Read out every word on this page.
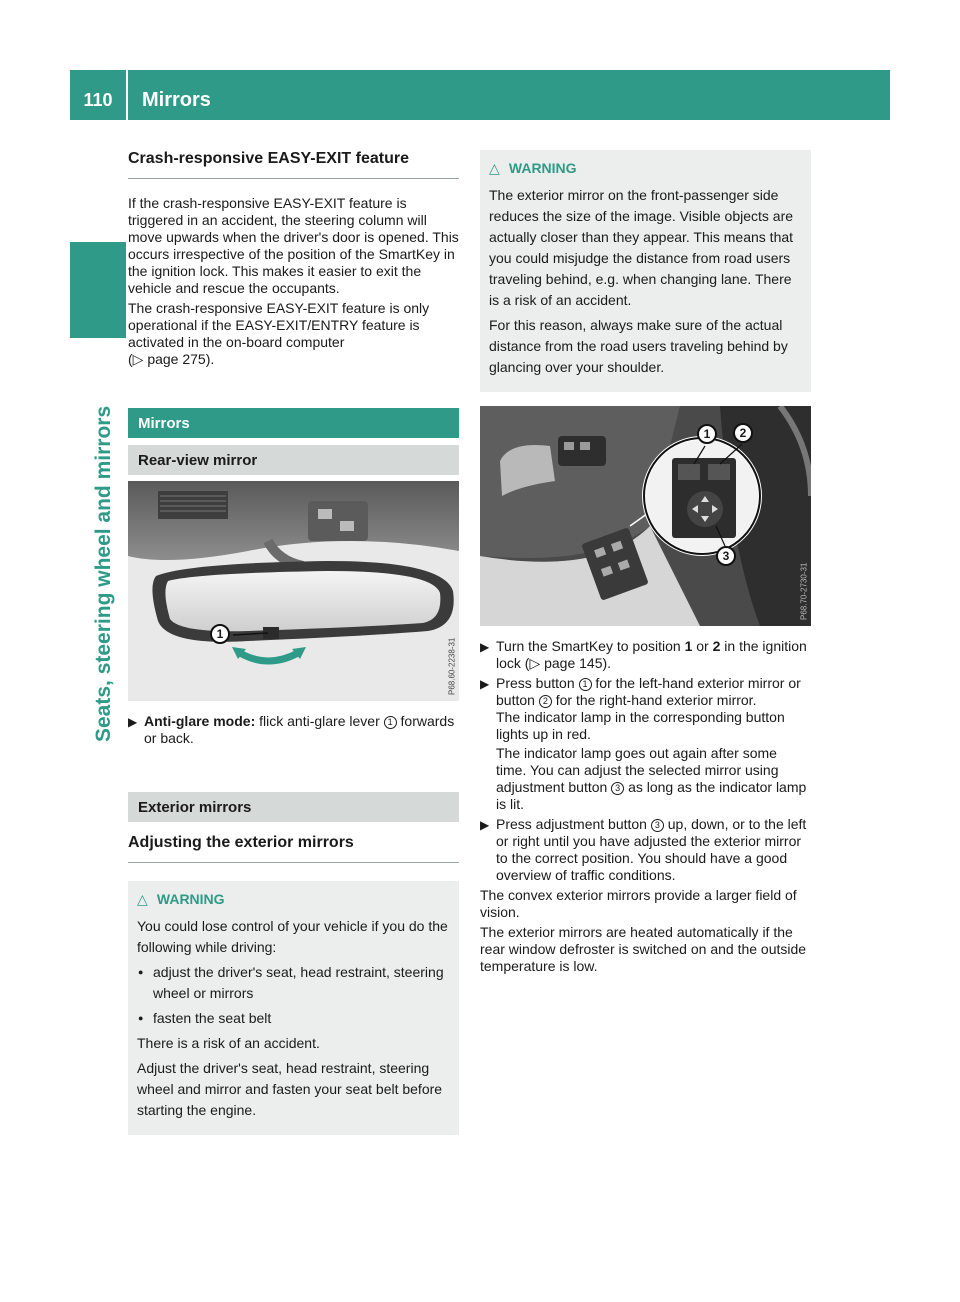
110	Mirrors
Seats, steering wheel and mirrors
Crash-responsive EASY-EXIT feature

If the crash-responsive EASY-EXIT feature is triggered in an accident, the steering column will move upwards when the driver's door is opened. This occurs irrespective of the position of the SmartKey in the ignition lock. This makes it easier to exit the vehicle and rescue the occupants.

The crash-responsive EASY-EXIT feature is only operational if the EASY-EXIT/ENTRY feature is activated in the on-board computer
(▷ page 275).

Mirrors
Rear-view mirror
1
P68.60-2238-31
▶ Anti-glare mode: flick anti-glare lever 1 forwards or back.
Exterior mirrors
Adjusting the exterior mirrors
△ WARNING

You could lose control of your vehicle if you do the following while driving:

● adjust the driver's seat, head restraint, steering wheel or mirrors

● fasten the seat belt

There is a risk of an accident.

Adjust the driver's seat, head restraint, steering wheel and mirror and fasten your seat belt before starting the engine.

△ WARNING

The exterior mirror on the front-passenger side reduces the size of the image. Visible objects are actually closer than they appear. This means that you could misjudge the distance from road users traveling behind, e.g. when changing lane. There is a risk of an accident.

For this reason, always make sure of the actual distance from the road users traveling behind by glancing over your shoulder.

1	2
3
P68.70-2730-31
▶ Turn the SmartKey to position 1 or 2 in the ignition lock (▷ page 145).
▶ Press button 1 for the left-hand exterior mirror or button 2 for the right-hand exterior mirror.
The indicator lamp in the corresponding button lights up in red.
The indicator lamp goes out again after some time. You can adjust the selected mirror using adjustment button 3 as long as the indicator lamp is lit.
▶ Press adjustment button 3 up, down, or to the left or right until you have adjusted the exterior mirror to the correct position. You should have a good overview of traffic conditions.

The convex exterior mirrors provide a larger field of vision.

The exterior mirrors are heated automatically if the rear window defroster is switched on and the outside temperature is low.
